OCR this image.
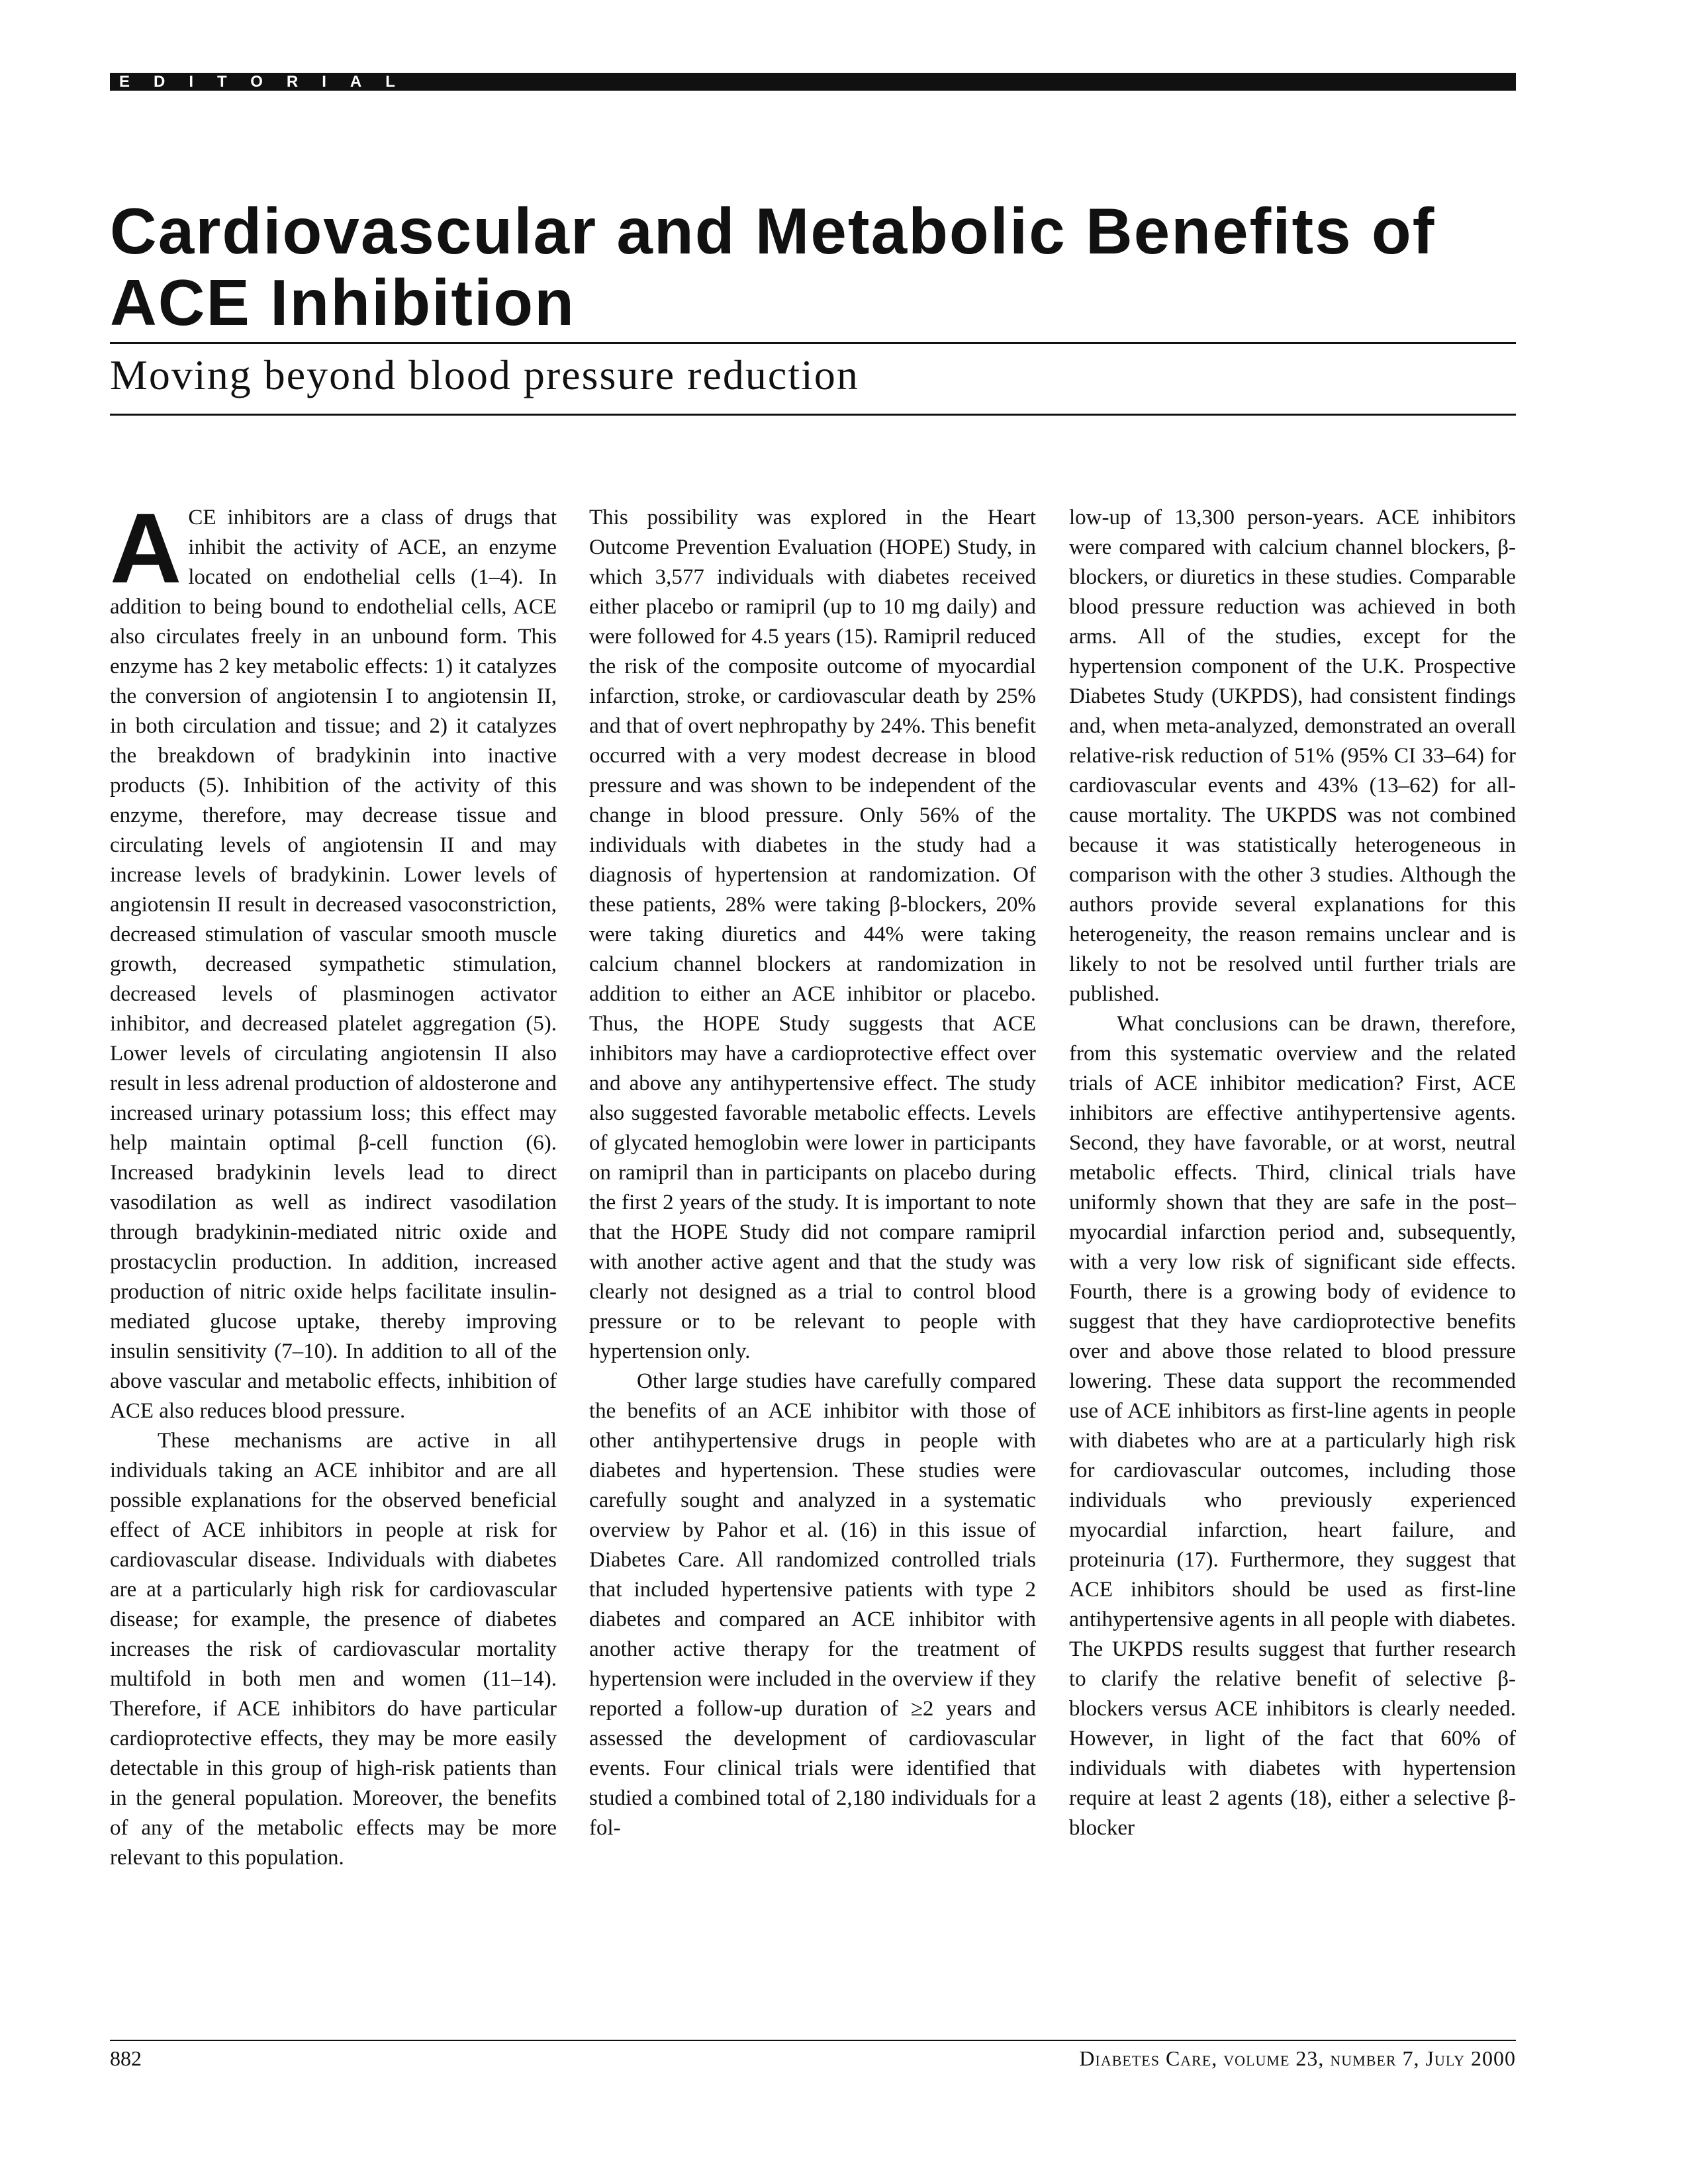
EDITORIAL
Cardiovascular and Metabolic Benefits of
ACE Inhibition
Moving beyond blood pressure reduction

ACE inhibitors are a class of drugs that inhibit the activity of ACE, an enzyme located on endothelial cells (1–4). In addition to being bound to endothelial cells, ACE also circulates freely in an unbound form. This enzyme has 2 key metabolic effects: 1) it catalyzes the conversion of angiotensin I to angiotensin II, in both circulation and tissue; and 2) it catalyzes the breakdown of bradykinin into inactive products (5). Inhibition of the activity of this enzyme, therefore, may decrease tissue and circulating levels of angiotensin II and may increase levels of bradykinin. Lower levels of angiotensin II result in decreased vasoconstriction, decreased stimulation of vascular smooth muscle growth, decreased sympathetic stimulation, decreased levels of plasminogen activator inhibitor, and decreased platelet aggregation (5). Lower levels of circulating angiotensin II also result in less adrenal production of aldosterone and increased urinary potassium loss; this effect may help maintain optimal β-cell function (6). Increased bradykinin levels lead to direct vasodilation as well as indirect vasodilation through bradykinin-mediated nitric oxide and prostacyclin production. In addition, increased production of nitric oxide helps facilitate insulin-mediated glucose uptake, thereby improving insulin sensitivity (7–10). In addition to all of the above vascular and metabolic effects, inhibition of ACE also reduces blood pressure.

These mechanisms are active in all individuals taking an ACE inhibitor and are all possible explanations for the observed beneficial effect of ACE inhibitors in people at risk for cardiovascular disease. Individuals with diabetes are at a particularly high risk for cardiovascular disease; for example, the presence of diabetes increases the risk of cardiovascular mortality multifold in both men and women (11–14). Therefore, if ACE inhibitors do have particular cardioprotective effects, they may be more easily detectable in this group of high-risk patients than in the general population. Moreover, the benefits of any of the metabolic effects may be more relevant to this population.

This possibility was explored in the Heart Outcome Prevention Evaluation (HOPE) Study, in which 3,577 individuals with diabetes received either placebo or ramipril (up to 10 mg daily) and were followed for 4.5 years (15). Ramipril reduced the risk of the composite outcome of myocardial infarction, stroke, or cardiovascular death by 25% and that of overt nephropathy by 24%. This benefit occurred with a very modest decrease in blood pressure and was shown to be independent of the change in blood pressure. Only 56% of the individuals with diabetes in the study had a diagnosis of hypertension at randomization. Of these patients, 28% were taking β-blockers, 20% were taking diuretics and 44% were taking calcium channel blockers at randomization in addition to either an ACE inhibitor or placebo. Thus, the HOPE Study suggests that ACE inhibitors may have a cardioprotective effect over and above any antihypertensive effect. The study also suggested favorable metabolic effects. Levels of glycated hemoglobin were lower in participants on ramipril than in participants on placebo during the first 2 years of the study. It is important to note that the HOPE Study did not compare ramipril with another active agent and that the study was clearly not designed as a trial to control blood pressure or to be relevant to people with hypertension only.

Other large studies have carefully compared the benefits of an ACE inhibitor with those of other antihypertensive drugs in people with diabetes and hypertension. These studies were carefully sought and analyzed in a systematic overview by Pahor et al. (16) in this issue of Diabetes Care. All randomized controlled trials that included hypertensive patients with type 2 diabetes and compared an ACE inhibitor with another active therapy for the treatment of hypertension were included in the overview if they reported a follow-up duration of ≥2 years and assessed the development of cardiovascular events. Four clinical trials were identified that studied a combined total of 2,180 individuals for a fol-

low-up of 13,300 person-years. ACE inhibitors were compared with calcium channel blockers, β-blockers, or diuretics in these studies. Comparable blood pressure reduction was achieved in both arms. All of the studies, except for the hypertension component of the U.K. Prospective Diabetes Study (UKPDS), had consistent findings and, when meta-analyzed, demonstrated an overall relative-risk reduction of 51% (95% CI 33–64) for cardiovascular events and 43% (13–62) for all-cause mortality. The UKPDS was not combined because it was statistically heterogeneous in comparison with the other 3 studies. Although the authors provide several explanations for this heterogeneity, the reason remains unclear and is likely to not be resolved until further trials are published.

What conclusions can be drawn, therefore, from this systematic overview and the related trials of ACE inhibitor medication? First, ACE inhibitors are effective antihypertensive agents. Second, they have favorable, or at worst, neutral metabolic effects. Third, clinical trials have uniformly shown that they are safe in the post–myocardial infarction period and, subsequently, with a very low risk of significant side effects. Fourth, there is a growing body of evidence to suggest that they have cardioprotective benefits over and above those related to blood pressure lowering. These data support the recommended use of ACE inhibitors as first-line agents in people with diabetes who are at a particularly high risk for cardiovascular outcomes, including those individuals who previously experienced myocardial infarction, heart failure, and proteinuria (17). Furthermore, they suggest that ACE inhibitors should be used as first-line antihypertensive agents in all people with diabetes. The UKPDS results suggest that further research to clarify the relative benefit of selective β-blockers versus ACE inhibitors is clearly needed. However, in light of the fact that 60% of individuals with diabetes with hypertension require at least 2 agents (18), either a selective β-blocker

882	Diabetes Care, volume 23, number 7, July 2000
